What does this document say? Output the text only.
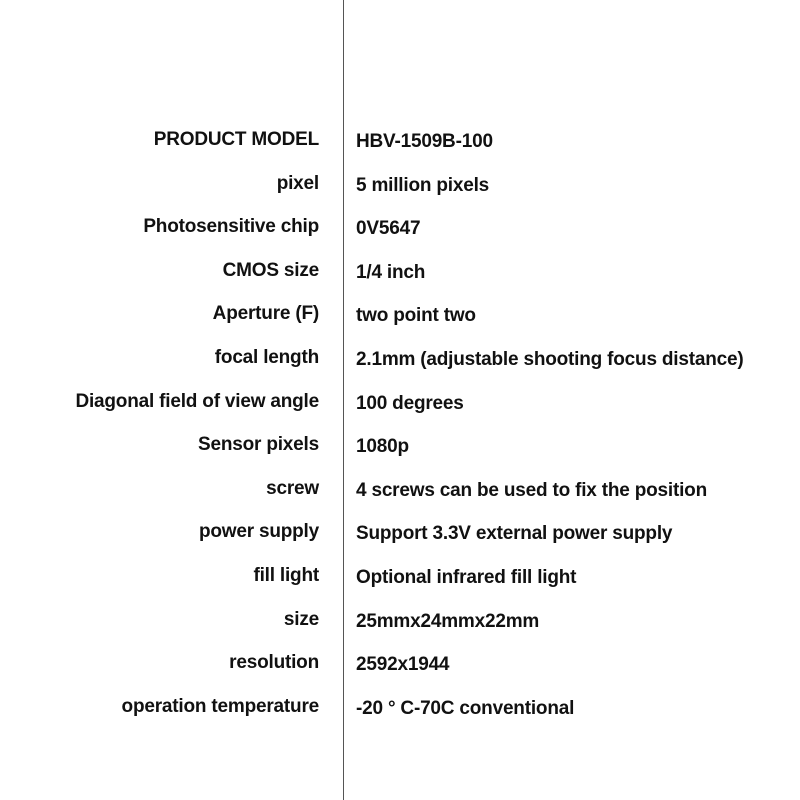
PRODUCT MODEL HBV-1509B-100
pixel 5 million pixels
Photosensitive chip 0V5647
CMOS size 1/4 inch
Aperture (F) two point two
focal length 2.1mm (adjustable shooting focus distance)
Diagonal field of view angle 100 degrees
Sensor pixels 1080p
screw 4 screws can be used to fix the position
power supply Support 3.3V external power supply
fill light Optional infrared fill light
size 25mmx24mmx22mm
resolution 2592x1944
operation temperature -20 ° C-70C conventional
